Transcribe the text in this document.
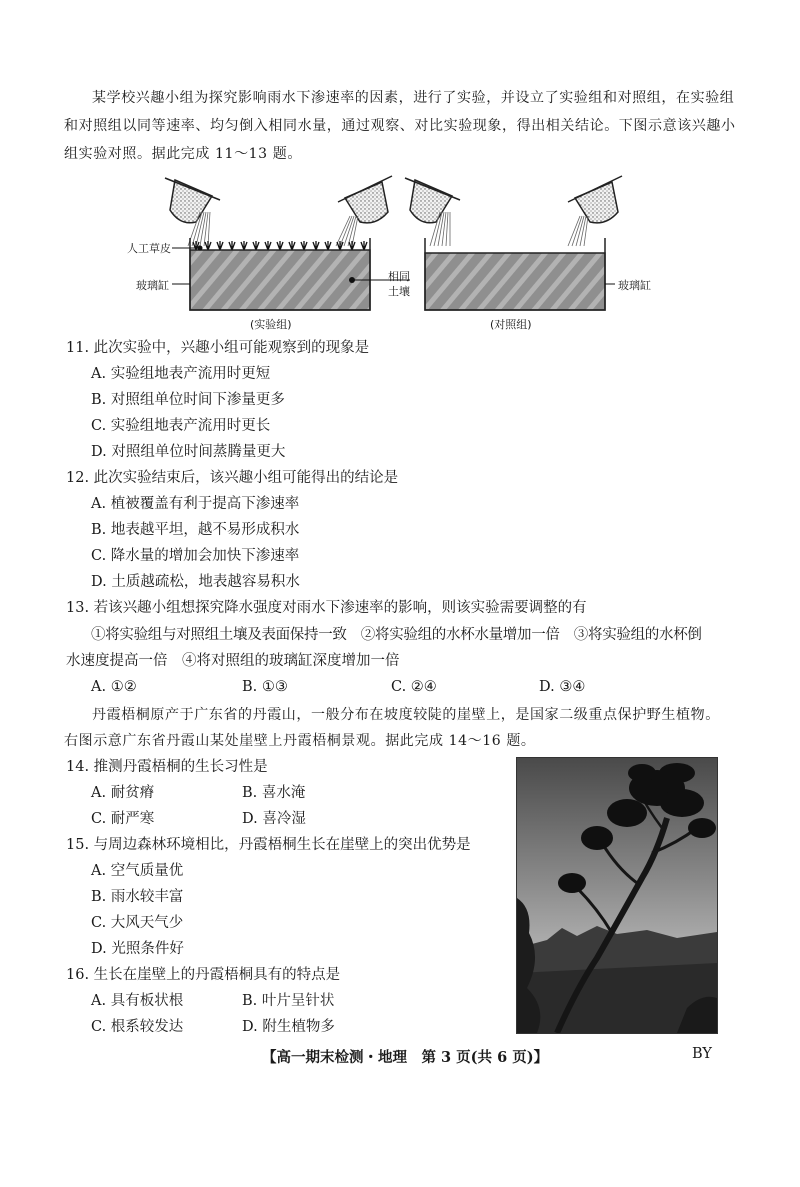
某学校兴趣小组为探究影响雨水下渗速率的因素，进行了实验，并设立了实验组和对照组，在实验组
和对照组以同等速率、均匀倒入相同水量，通过观察、对比实验现象，得出相关结论。下图示意该兴趣小
组实验对照。据此完成 11～13 题。
人工草皮
玻璃缸
相同
土壤	玻璃缸
(实验组)	(对照组)
11. 此次实验中，兴趣小组可能观察到的现象是
A. 实验组地表产流用时更短
B. 对照组单位时间下渗量更多
C. 实验组地表产流用时更长
D. 对照组单位时间蒸腾量更大
12. 此次实验结束后，该兴趣小组可能得出的结论是
A. 植被覆盖有利于提高下渗速率
B. 地表越平坦，越不易形成积水
C. 降水量的增加会加快下渗速率
D. 土质越疏松，地表越容易积水
13. 若该兴趣小组想探究降水强度对雨水下渗速率的影响，则该实验需要调整的有
①将实验组与对照组土壤及表面保持一致　②将实验组的水杯水量增加一倍　③将实验组的水杯倒
水速度提高一倍　④将对照组的玻璃缸深度增加一倍
A. ①②	B. ①③	C. ②④	D. ③④
丹霞梧桐原产于广东省的丹霞山，一般分布在坡度较陡的崖壁上，是国家二级重点保护野生植物。
右图示意广东省丹霞山某处崖壁上丹霞梧桐景观。据此完成 14～16 题。
14. 推测丹霞梧桐的生长习性是
A. 耐贫瘠	B. 喜水淹
C. 耐严寒	D. 喜冷湿
15. 与周边森林环境相比，丹霞梧桐生长在崖壁上的突出优势是
A. 空气质量优
B. 雨水较丰富
C. 大风天气少
D. 光照条件好
16. 生长在崖壁上的丹霞梧桐具有的特点是
A. 具有板状根	B. 叶片呈针状
C. 根系较发达	D. 附生植物多
【高一期末检测・地理　第 3 页(共 6 页)】	BY
